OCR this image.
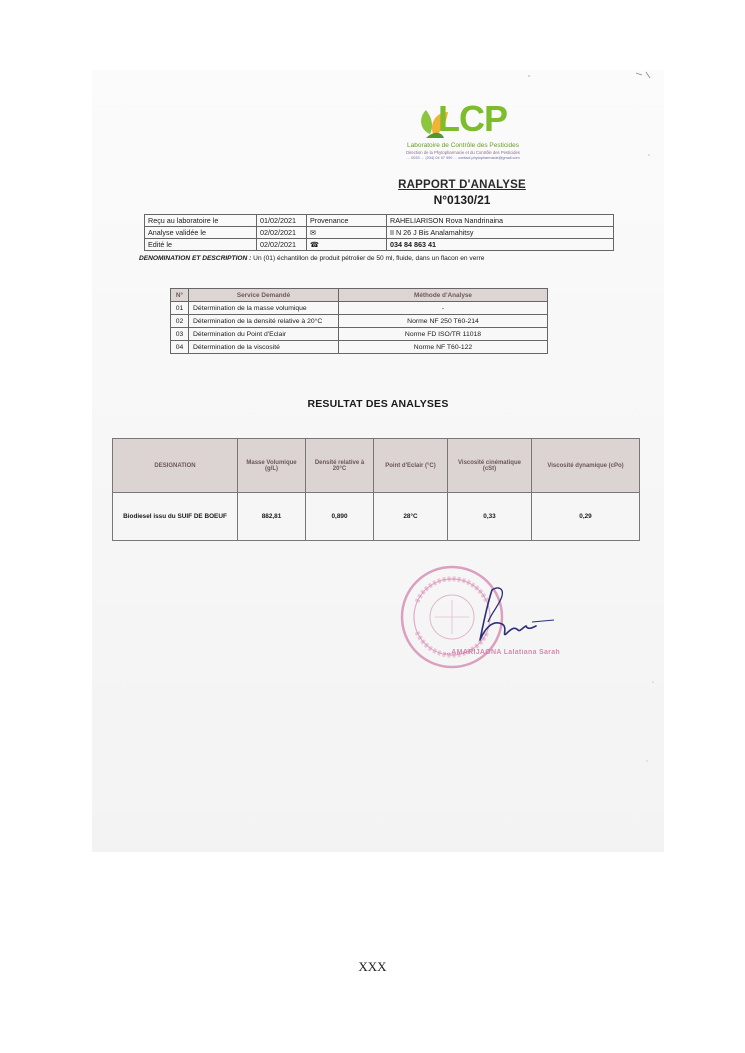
LCP
Laboratoire de Contrôle des Pesticides
Direction de la Phytopharmacie et du Contrôle des Pesticides
… 0033 … (034) 04 07 990 … contact.phytopharmacie@gmail.com
RAPPORT D'ANALYSE
N°0130/21
Reçu au laboratoire le	01/02/2021	Provenance	RAHELIARISON Rova Nandrinaina
Analyse validée le	02/02/2021	✉	II N 26 J Bis Analamahitsy
Edité le	02/02/2021	☎	034 84 863 41
DENOMINATION ET DESCRIPTION : Un (01) échantillon de produit pétrolier de 50 ml, fluide, dans un flacon en verre
N°	Service Demandé	Méthode d'Analyse
01	Détermination de la masse volumique	-
02	Détermination de la densité relative à 20°C	Norme NF 250 T60-214
03	Détermination du Point d'Eclair	Norme FD ISO/TR 11018
04	Détermination de la viscosité	Norme NF T60-122
RESULTAT DES ANALYSES
DESIGNATION	Masse Volumique (g/L)	Densité relative à 20°C	Point d'Eclair (°C)	Viscosité cinématique (cSt)	Viscosité dynamique (cPo)
Biodiesel issu du SUIF DE BOEUF	882,81	0,890	28°C	0,33	0,29
…AMARIJAONA Lalatiana Sarah
XXX
